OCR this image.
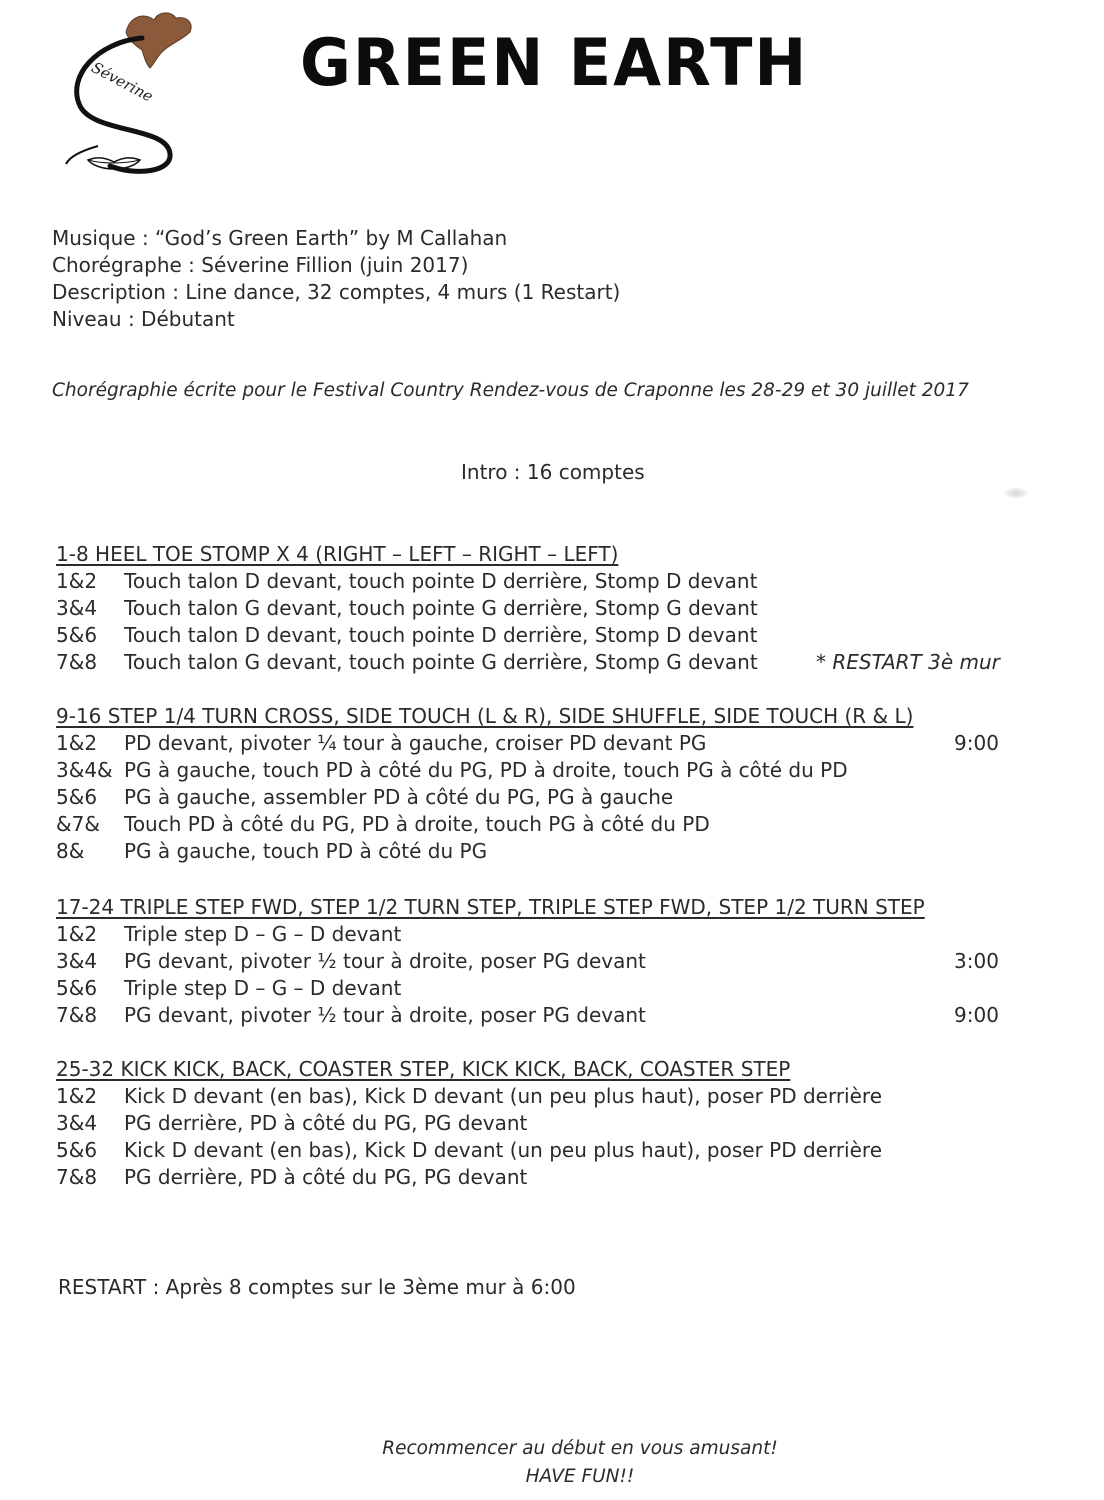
Séverine GREEN EARTH
Musique : “God’s Green Earth” by M Callahan
Chorégraphe : Séverine Fillion (juin 2017)
Description : Line dance, 32 comptes, 4 murs (1 Restart)
Niveau : Débutant
Chorégraphie écrite pour le Festival Country Rendez-vous de Craponne les 28-29 et 30 juillet 2017
Intro : 16 comptes
1-8 HEEL TOE STOMP X 4 (RIGHT – LEFT – RIGHT – LEFT)
1&2 Touch talon D devant, touch pointe D derrière, Stomp D devant
3&4 Touch talon G devant, touch pointe G derrière, Stomp G devant
5&6 Touch talon D devant, touch pointe D derrière, Stomp D devant
7&8 Touch talon G devant, touch pointe G derrière, Stomp G devant	* RESTART 3è mur
9-16 STEP 1/4 TURN CROSS, SIDE TOUCH (L & R), SIDE SHUFFLE, SIDE TOUCH (R & L)
1&2 PD devant, pivoter ¼ tour à gauche, croiser PD devant PG	9:00
3&4& PG à gauche, touch PD à côté du PG, PD à droite, touch PG à côté du PD
5&6 PG à gauche, assembler PD à côté du PG, PG à gauche
&7& Touch PD à côté du PG, PD à droite, touch PG à côté du PD
8& PG à gauche, touch PD à côté du PG
17-24 TRIPLE STEP FWD, STEP 1/2 TURN STEP, TRIPLE STEP FWD, STEP 1/2 TURN STEP
1&2 Triple step D – G – D devant
3&4 PG devant, pivoter ½ tour à droite, poser PG devant	3:00
5&6 Triple step D – G – D devant
7&8 PG devant, pivoter ½ tour à droite, poser PG devant	9:00
25-32 KICK KICK, BACK, COASTER STEP, KICK KICK, BACK, COASTER STEP
1&2 Kick D devant (en bas), Kick D devant (un peu plus haut), poser PD derrière
3&4 PG derrière, PD à côté du PG, PG devant
5&6 Kick D devant (en bas), Kick D devant (un peu plus haut), poser PD derrière
7&8 PG derrière, PD à côté du PG, PG devant
RESTART : Après 8 comptes sur le 3ème mur à 6:00
Recommencer au début en vous amusant!
HAVE FUN!!
